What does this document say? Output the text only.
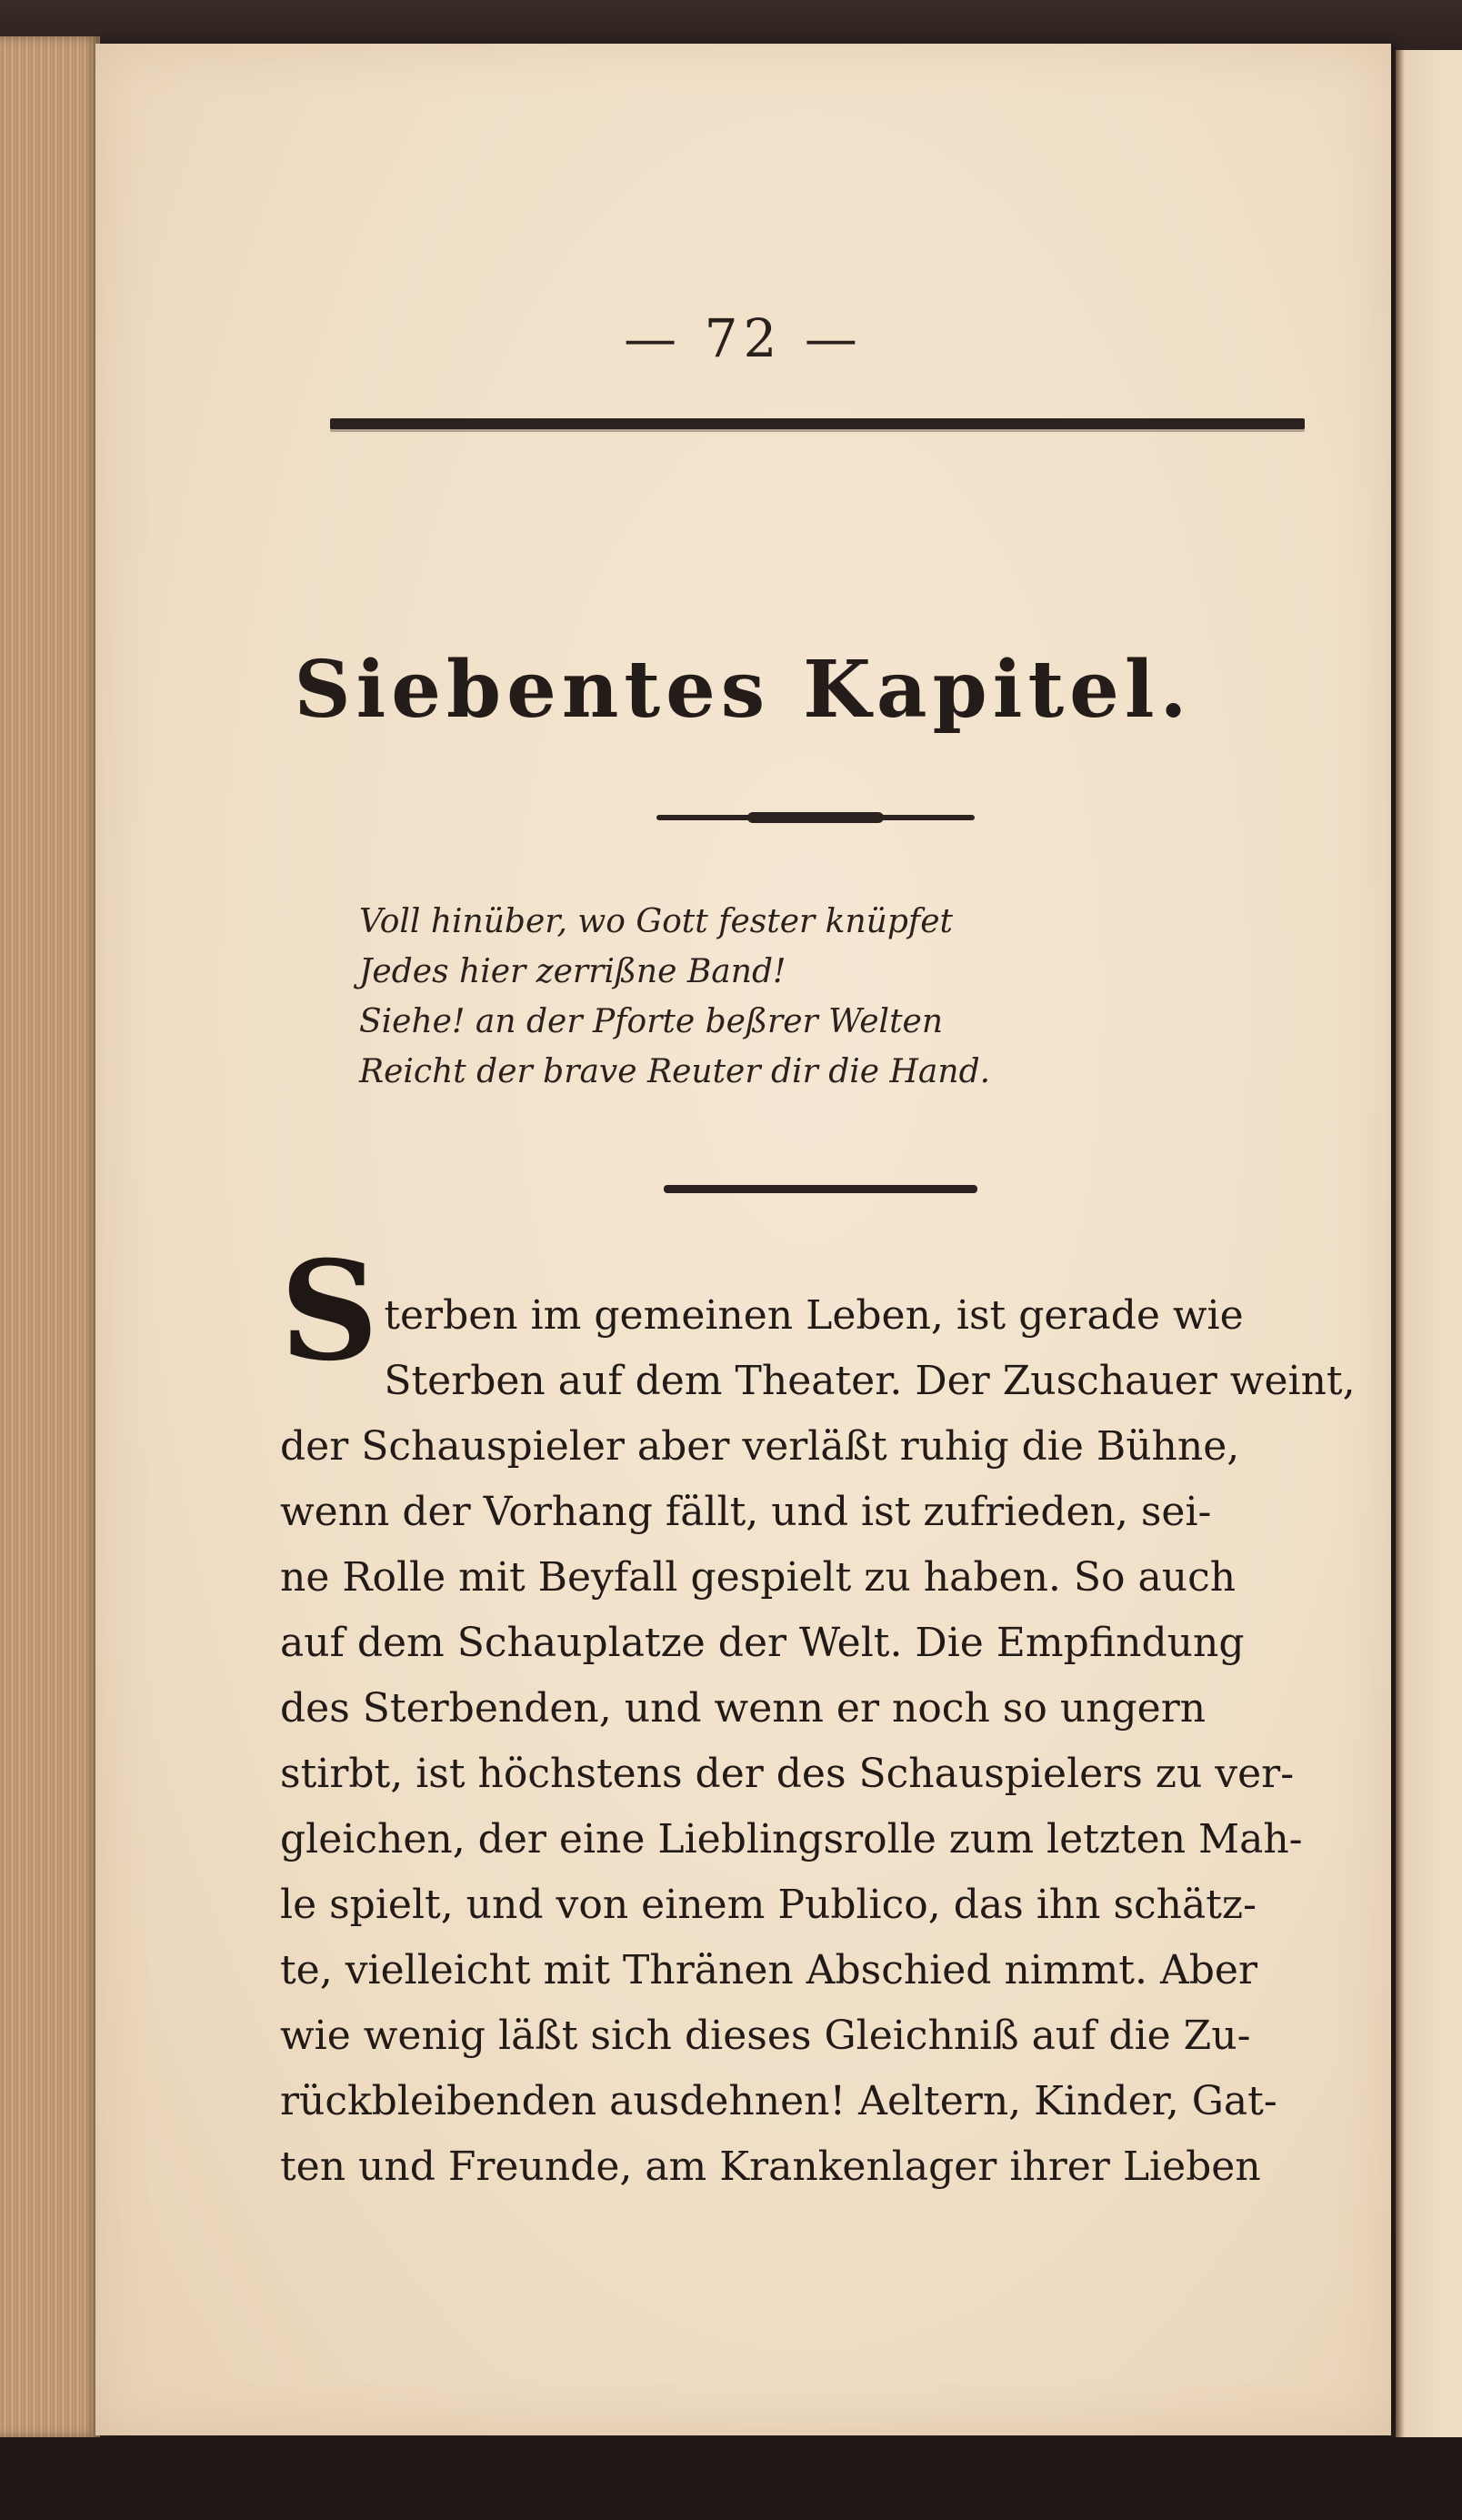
— 72 —
Siebentes Kapitel.
Voll hinüber, wo Gott fester knüpfet
Jedes hier zerrißne Band!
Siehe! an der Pforte beßrer Welten
Reicht der brave Reuter dir die Hand.
S terben im gemeinen Leben, ist gerade wie
Sterben auf dem Theater. Der Zuschauer weint,
der Schauspieler aber verläßt ruhig die Bühne,
wenn der Vorhang fällt, und ist zufrieden, sei-
ne Rolle mit Beyfall gespielt zu haben. So auch
auf dem Schauplatze der Welt. Die Empfindung
des Sterbenden, und wenn er noch so ungern
stirbt, ist höchstens der des Schauspielers zu ver-
gleichen, der eine Lieblingsrolle zum letzten Mah-
le spielt, und von einem Publico, das ihn schätz-
te, vielleicht mit Thränen Abschied nimmt. Aber
wie wenig läßt sich dieses Gleichniß auf die Zu-
rückbleibenden ausdehnen! Aeltern, Kinder, Gat-
ten und Freunde, am Krankenlager ihrer Lieben
